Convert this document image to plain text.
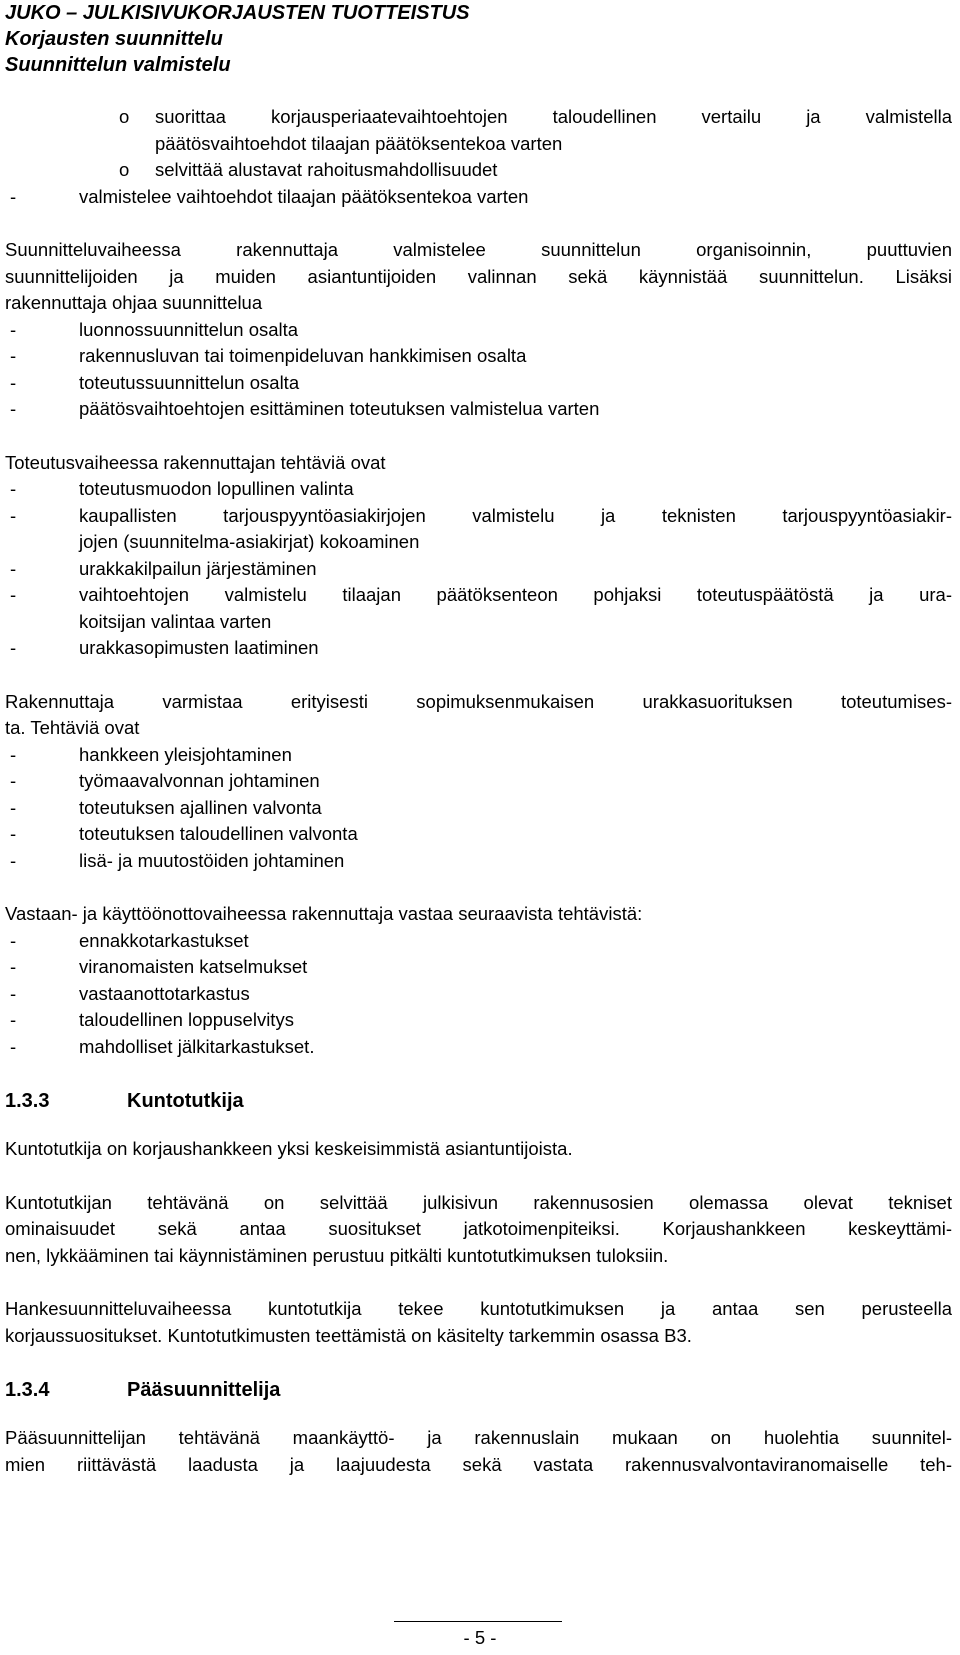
JUKO – JULKISIVUKORJAUSTEN TUOTTEISTUS
Korjausten suunnittelu
Suunnittelun valmistelu
o suorittaa korjausperiaatevaihtoehtojen taloudellinen vertailu ja valmistella
päätösvaihtoehdot tilaajan päätöksentekoa varten
o selvittää alustavat rahoitusmahdollisuudet
-	valmistelee vaihtoehdot tilaajan päätöksentekoa varten
Suunnitteluvaiheessa rakennuttaja valmistelee suunnittelun organisoinnin, puuttuvien
suunnittelijoiden ja muiden asiantuntijoiden valinnan sekä käynnistää suunnittelun. Lisäksi
rakennuttaja ohjaa suunnittelua
-	luonnossuunnittelun osalta
-	rakennusluvan tai toimenpideluvan hankkimisen osalta
-	toteutussuunnittelun osalta
-	päätösvaihtoehtojen esittäminen toteutuksen valmistelua varten
Toteutusvaiheessa rakennuttajan tehtäviä ovat
-	toteutusmuodon lopullinen valinta
-	kaupallisten tarjouspyyntöasiakirjojen valmistelu ja teknisten tarjouspyyntöasiakir-
jojen (suunnitelma-asiakirjat) kokoaminen
-	urakkakilpailun järjestäminen
-	vaihtoehtojen valmistelu tilaajan päätöksenteon pohjaksi toteutuspäätöstä ja ura-
koitsijan valintaa varten
-	urakkasopimusten laatiminen
Rakennuttaja varmistaa erityisesti sopimuksenmukaisen urakkasuorituksen toteutumises-
ta. Tehtäviä ovat
-	hankkeen yleisjohtaminen
-	työmaavalvonnan johtaminen
-	toteutuksen ajallinen valvonta
-	toteutuksen taloudellinen valvonta
-	lisä- ja muutostöiden johtaminen
Vastaan- ja käyttöönottovaiheessa rakennuttaja vastaa seuraavista tehtävistä:
-	ennakkotarkastukset
-	viranomaisten katselmukset
-	vastaanottotarkastus
-	taloudellinen loppuselvitys
-	mahdolliset jälkitarkastukset.
1.3.3	Kuntotutkija
Kuntotutkija on korjaushankkeen yksi keskeisimmistä asiantuntijoista.
Kuntotutkijan tehtävänä on selvittää julkisivun rakennusosien olemassa olevat tekniset
ominaisuudet sekä antaa suositukset jatkotoimenpiteiksi. Korjaushankkeen keskeyttämi-
nen, lykkääminen tai käynnistäminen perustuu pitkälti kuntotutkimuksen tuloksiin.
Hankesuunnitteluvaiheessa kuntotutkija tekee kuntotutkimuksen ja antaa sen perusteella
korjaussuositukset. Kuntotutkimusten teettämistä on käsitelty tarkemmin osassa B3.
1.3.4	Pääsuunnittelija
Pääsuunnittelijan tehtävänä maankäyttö- ja rakennuslain mukaan on huolehtia suunnitel-
mien riittävästä laadusta ja laajuudesta sekä vastata rakennusvalvontaviranomaiselle teh-
- 5 -
